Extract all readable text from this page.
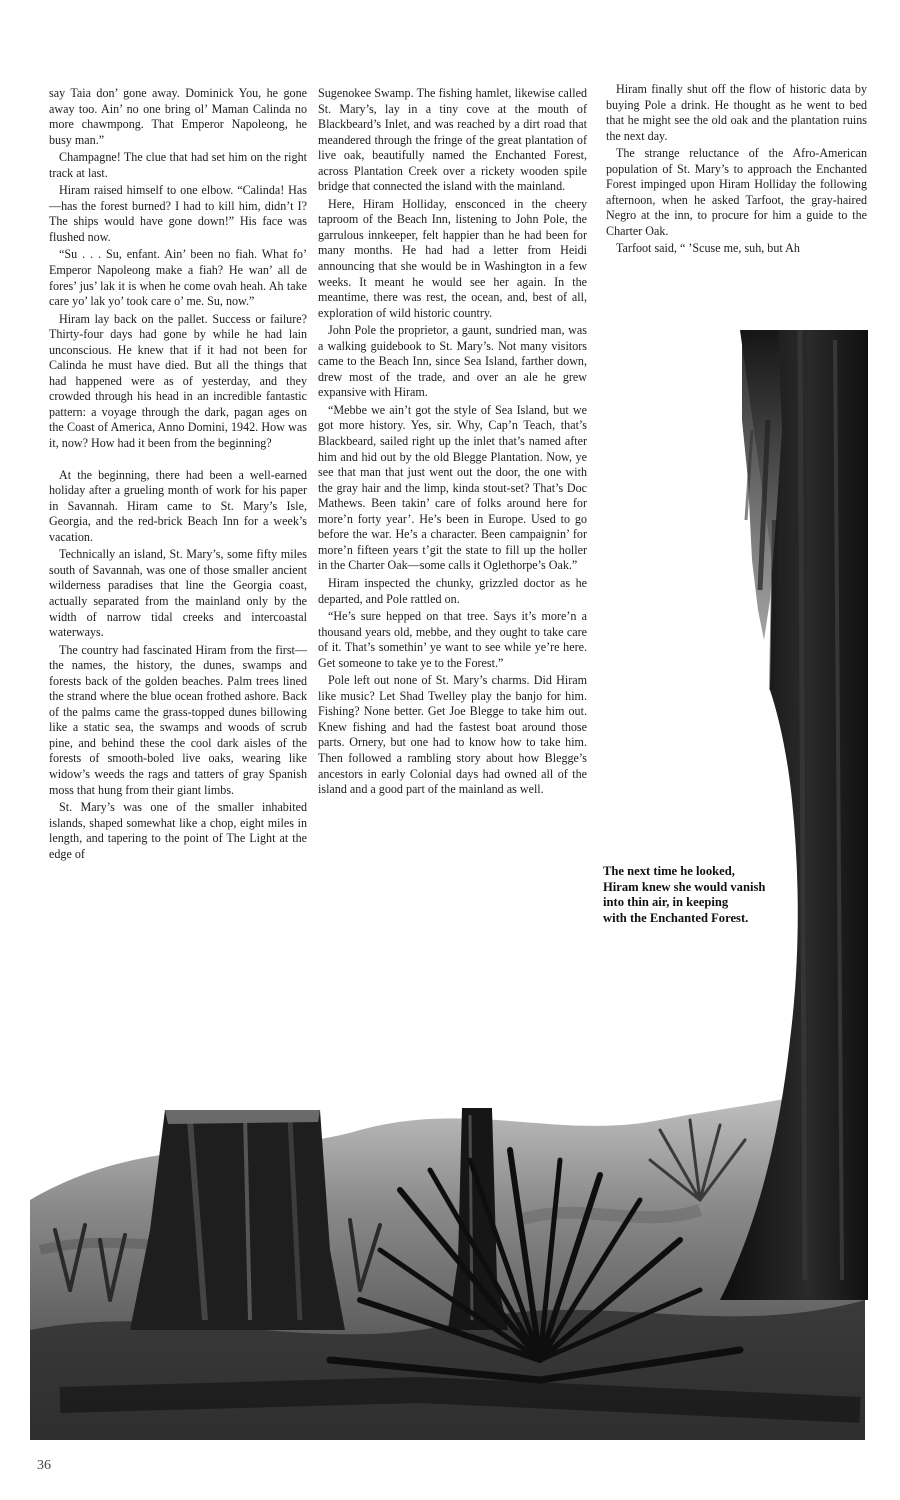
say Taia don’ gone away. Dominick You, he gone away too. Ain’ no one bring ol’ Maman Calinda no more chawmpong. That Emperor Napoleong, he busy man.”

Champagne! The clue that had set him on the right track at last.

Hiram raised himself to one elbow. “Calinda! Has—has the forest burned? I had to kill him, didn’t I? The ships would have gone down!” His face was flushed now.

“Su . . . Su, enfant. Ain’ been no fiah. What fo’ Emperor Napoleong make a fiah? He wan’ all de fores’ jus’ lak it is when he come ovah heah. Ah take care yo’ lak yo’ took care o’ me. Su, now.”

Hiram lay back on the pallet. Success or failure? Thirty-four days had gone by while he had lain unconscious. He knew that if it had not been for Calinda he must have died. But all the things that had happened were as of yesterday, and they crowded through his head in an incredible fantastic pattern: a voyage through the dark, pagan ages on the Coast of America, Anno Domini, 1942. How was it, now? How had it been from the beginning?

At the beginning, there had been a well-earned holiday after a grueling month of work for his paper in Savannah. Hiram came to St. Mary’s Isle, Georgia, and the red-brick Beach Inn for a week’s vacation.

Technically an island, St. Mary’s, some fifty miles south of Savannah, was one of those smaller ancient wilderness paradises that line the Georgia coast, actually separated from the mainland only by the width of narrow tidal creeks and intercoastal waterways.

The country had fascinated Hiram from the first—the names, the history, the dunes, swamps and forests back of the golden beaches. Palm trees lined the strand where the blue ocean frothed ashore. Back of the palms came the grass-topped dunes billowing like a static sea, the swamps and woods of scrub pine, and behind these the cool dark aisles of the forests of smooth-boled live oaks, wearing like widow’s weeds the rags and tatters of gray Spanish moss that hung from their giant limbs.

St. Mary’s was one of the smaller inhabited islands, shaped somewhat like a chop, eight miles in length, and tapering to the point of The Light at the edge of

Sugenokee Swamp. The fishing hamlet, likewise called St. Mary’s, lay in a tiny cove at the mouth of Blackbeard’s Inlet, and was reached by a dirt road that meandered through the fringe of the great plantation of live oak, beautifully named the Enchanted Forest, across Plantation Creek over a rickety wooden spile bridge that connected the island with the mainland.

Here, Hiram Holliday, ensconced in the cheery taproom of the Beach Inn, listening to John Pole, the garrulous innkeeper, felt happier than he had been for many months. He had had a letter from Heidi announcing that she would be in Washington in a few weeks. It meant he would see her again. In the meantime, there was rest, the ocean, and, best of all, exploration of wild historic country.

John Pole the proprietor, a gaunt, sundried man, was a walking guidebook to St. Mary’s. Not many visitors came to the Beach Inn, since Sea Island, farther down, drew most of the trade, and over an ale he grew expansive with Hiram.

“Mebbe we ain’t got the style of Sea Island, but we got more history. Yes, sir. Why, Cap’n Teach, that’s Blackbeard, sailed right up the inlet that’s named after him and hid out by the old Blegge Plantation. Now, ye see that man that just went out the door, the one with the gray hair and the limp, kinda stout-set? That’s Doc Mathews. Been takin’ care of folks around here for more’n forty year’. He’s been in Europe. Used to go before the war. He’s a character. Been campaignin’ for more’n fifteen years t’git the state to fill up the holler in the Charter Oak—some calls it Oglethorpe’s Oak.”

Hiram inspected the chunky, grizzled doctor as he departed, and Pole rattled on.

“He’s sure hepped on that tree. Says it’s more’n a thousand years old, mebbe, and they ought to take care of it. That’s somethin’ ye want to see while ye’re here. Get someone to take ye to the Forest.”

Pole left out none of St. Mary’s charms. Did Hiram like music? Let Shad Twelley play the banjo for him. Fishing? None better. Get Joe Blegge to take him out. Knew fishing and had the fastest boat around those parts. Ornery, but one had to know how to take him. Then followed a rambling story about how Blegge’s ancestors in early Colonial days had owned all of the island and a good part of the mainland as well.

Hiram finally shut off the flow of historic data by buying Pole a drink. He thought as he went to bed that he might see the old oak and the plantation ruins the next day.

The strange reluctance of the Afro-American population of St. Mary’s to approach the Enchanted Forest impinged upon Hiram Holliday the following afternoon, when he asked Tarfoot, the gray-haired Negro at the inn, to procure for him a guide to the Charter Oak.

Tarfoot said, “ ’Scuse me, suh, but Ah

The next time he looked,
Hiram knew she would vanish
into thin air, in keeping
with the Enchanted Forest.
36
